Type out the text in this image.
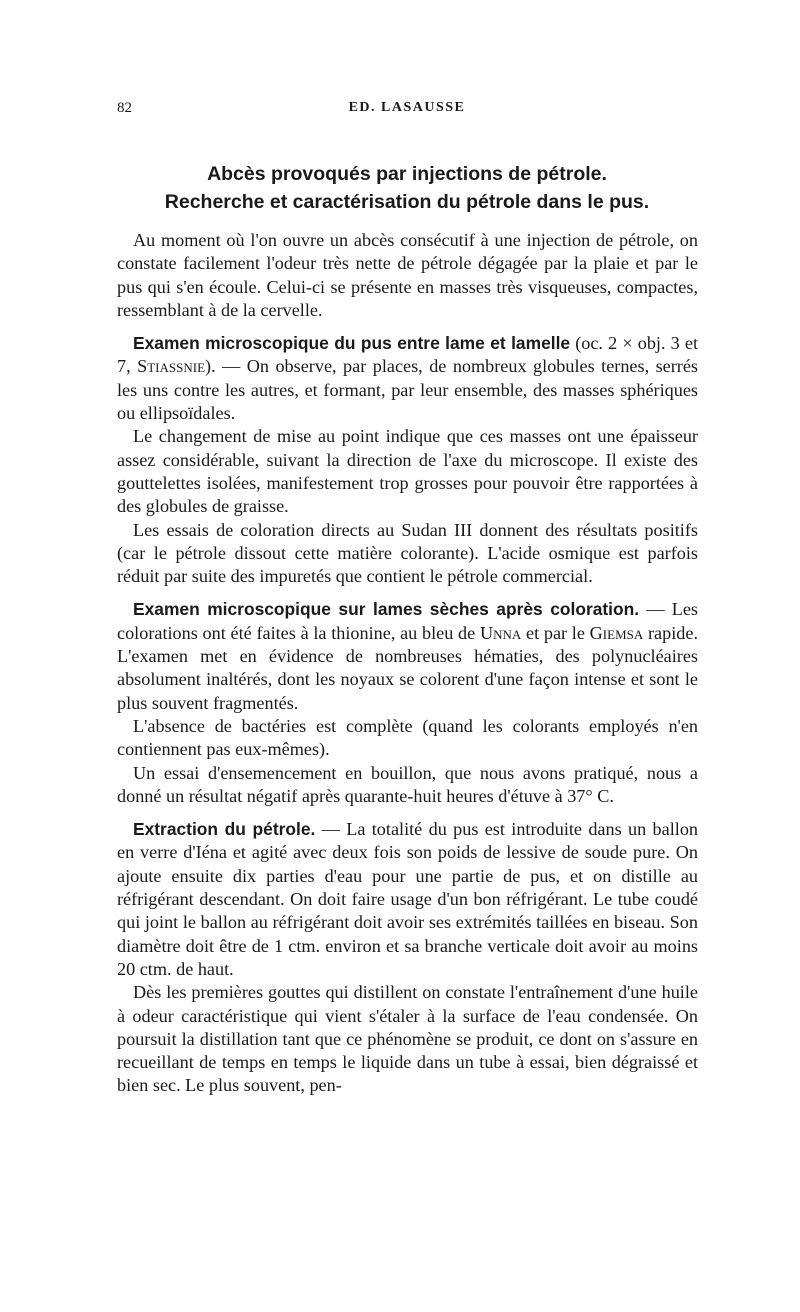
82	ED. LASAUSSE
Abcès provoqués par injections de pétrole.
Recherche et caractérisation du pétrole dans le pus.

Au moment où l'on ouvre un abcès consécutif à une injection de pétrole, on constate facilement l'odeur très nette de pétrole dégagée par la plaie et par le pus qui s'en écoule. Celui-ci se présente en masses très visqueuses, compactes, ressemblant à de la cervelle.

Examen microscopique du pus entre lame et lamelle (oc. 2 × obj. 3 et 7, Stiassnie). — On observe, par places, de nombreux globules ternes, serrés les uns contre les autres, et formant, par leur ensemble, des masses sphériques ou ellipsoïdales.

Le changement de mise au point indique que ces masses ont une épaisseur assez considérable, suivant la direction de l'axe du microscope. Il existe des gouttelettes isolées, manifestement trop grosses pour pouvoir être rapportées à des globules de graisse.

Les essais de coloration directs au Sudan III donnent des résultats positifs (car le pétrole dissout cette matière colorante). L'acide osmique est parfois réduit par suite des impuretés que contient le pétrole commercial.

Examen microscopique sur lames sèches après coloration. — Les colorations ont été faites à la thionine, au bleu de Unna et par le Giemsa rapide. L'examen met en évidence de nombreuses hématies, des polynucléaires absolument inaltérés, dont les noyaux se colorent d'une façon intense et sont le plus souvent fragmentés.

L'absence de bactéries est complète (quand les colorants employés n'en contiennent pas eux-mêmes).

Un essai d'ensemencement en bouillon, que nous avons pratiqué, nous a donné un résultat négatif après quarante-huit heures d'étuve à 37° C.

Extraction du pétrole. — La totalité du pus est introduite dans un ballon en verre d'Iéna et agité avec deux fois son poids de lessive de soude pure. On ajoute ensuite dix parties d'eau pour une partie de pus, et on distille au réfrigérant descendant. On doit faire usage d'un bon réfrigérant. Le tube coudé qui joint le ballon au réfrigérant doit avoir ses extrémités taillées en biseau. Son diamètre doit être de 1 ctm. environ et sa branche verticale doit avoir au moins 20 ctm. de haut.

Dès les premières gouttes qui distillent on constate l'entraînement d'une huile à odeur caractéristique qui vient s'étaler à la surface de l'eau condensée. On poursuit la distillation tant que ce phénomène se produit, ce dont on s'assure en recueillant de temps en temps le liquide dans un tube à essai, bien dégraissé et bien sec. Le plus souvent, pen-
